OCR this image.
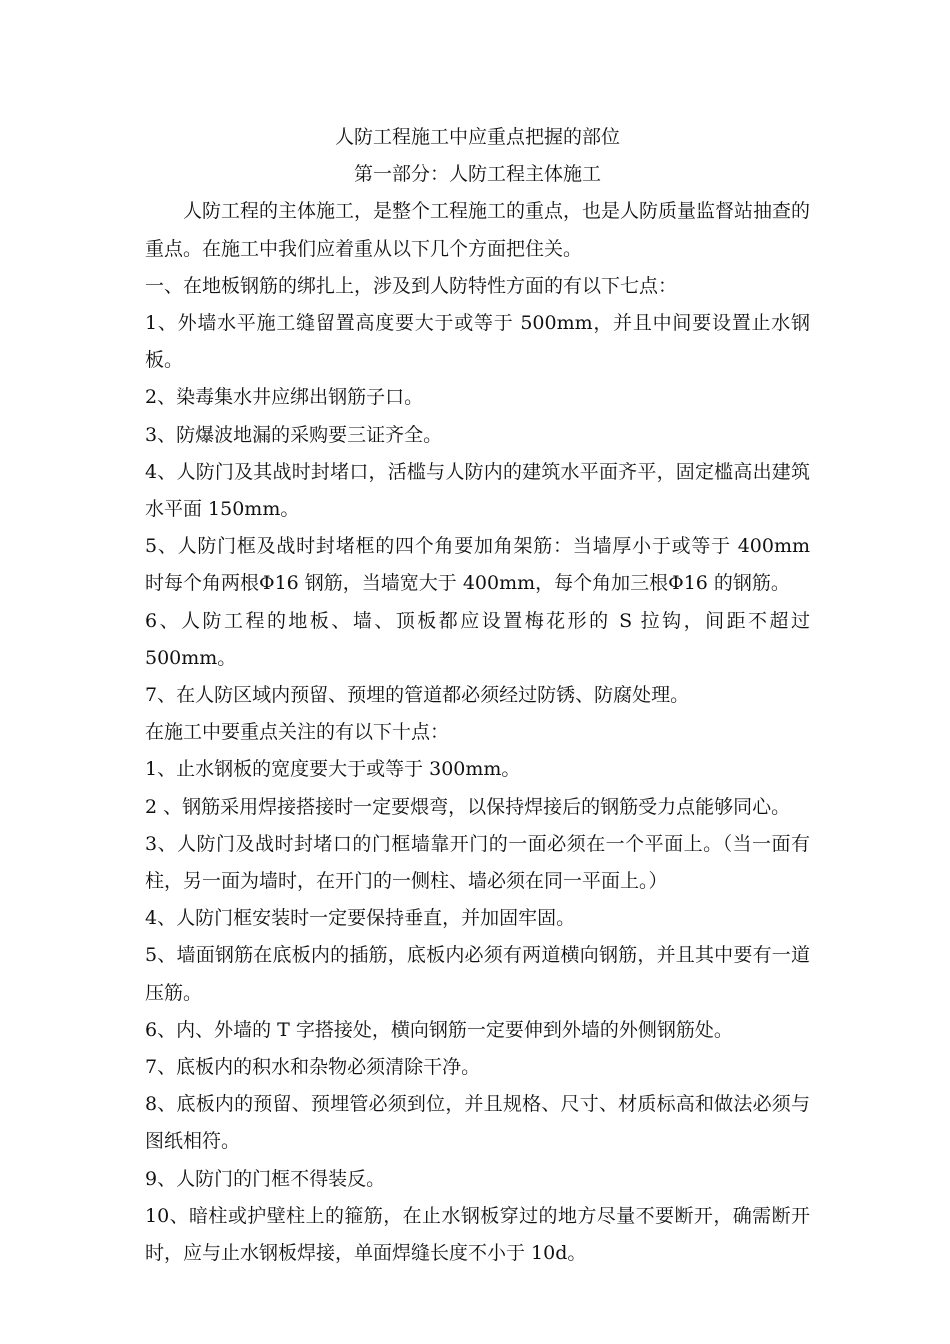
人防工程施工中应重点把握的部位

第一部分：人防工程主体施工

人防工程的主体施工，是整个工程施工的重点，也是人防质量监督站抽查的重点。在施工中我们应着重从以下几个方面把住关。

一、在地板钢筋的绑扎上，涉及到人防特性方面的有以下七点：

1、外墙水平施工缝留置高度要大于或等于 500mm，并且中间要设置止水钢板。

2、染毒集水井应绑出钢筋子口。

3、防爆波地漏的采购要三证齐全。

4、人防门及其战时封堵口，活槛与人防内的建筑水平面齐平，固定槛高出建筑水平面 150mm。

5、人防门框及战时封堵框的四个角要加角架筋：当墙厚小于或等于 400mm 时每个角两根Φ16 钢筋，当墙宽大于 400mm，每个角加三根Φ16 的钢筋。

6、人防工程的地板、墙、顶板都应设置梅花形的 S 拉钩，间距不超过 500mm。

7、在人防区域内预留、预埋的管道都必须经过防锈、防腐处理。

在施工中要重点关注的有以下十点：

1、止水钢板的宽度要大于或等于 300mm。

2 、钢筋采用焊接搭接时一定要煨弯，以保持焊接后的钢筋受力点能够同心。

3、人防门及战时封堵口的门框墙靠开门的一面必须在一个平面上。（当一面有柱，另一面为墙时，在开门的一侧柱、墙必须在同一平面上。）

4、人防门框安装时一定要保持垂直，并加固牢固。

5、墙面钢筋在底板内的插筋，底板内必须有两道横向钢筋，并且其中要有一道压筋。

6、内、外墙的 T 字搭接处，横向钢筋一定要伸到外墙的外侧钢筋处。

7、底板内的积水和杂物必须清除干净。

8、底板内的预留、预埋管必须到位，并且规格、尺寸、材质标高和做法必须与图纸相符。

9、人防门的门框不得装反。

10、暗柱或护壁柱上的箍筋，在止水钢板穿过的地方尽量不要断开，确需断开时，应与止水钢板焊接，单面焊缝长度不小于 10d。
